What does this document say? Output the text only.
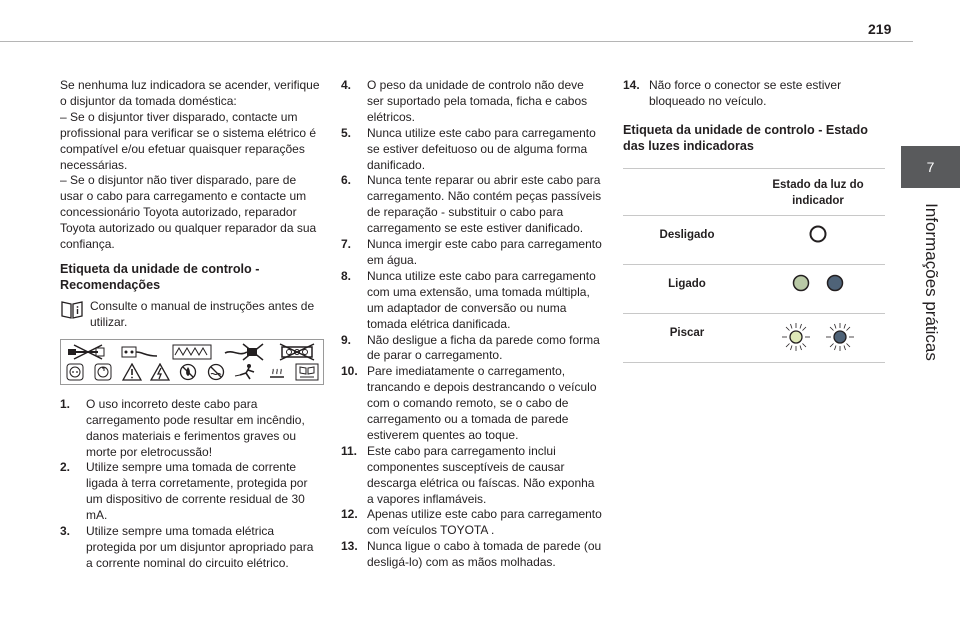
219
7
Informações práticas

Se nenhuma luz indicadora se acender, verifique o disjuntor da tomada doméstica:

– Se o disjuntor tiver disparado, contacte um profissional para verificar se o sistema elétrico é compatível e/ou efetuar quaisquer reparações necessárias.

– Se o disjuntor não tiver disparado, pare de usar o cabo para carregamento e contacte um concessionário Toyota autorizado, reparador Toyota autorizado ou qualquer reparador da sua confiança.

Etiqueta da unidade de controlo - Recomendações

Consulte o manual de instruções antes de utilizar.

1.	O uso incorreto deste cabo para carregamento pode resultar em incêndio, danos materiais e ferimentos graves ou morte por eletrocussão!
2.	Utilize sempre uma tomada de corrente ligada à terra corretamente, protegida por um dispositivo de corrente residual de 30 mA.
3.	Utilize sempre uma tomada elétrica protegida por um disjuntor apropriado para a corrente nominal do circuito elétrico.
4.	O peso da unidade de controlo não deve ser suportado pela tomada, ficha e cabos elétricos.
5.	Nunca utilize este cabo para carregamento se estiver defeituoso ou de alguma forma danificado.
6.	Nunca tente reparar ou abrir este cabo para carregamento. Não contém peças passíveis de reparação - substituir o cabo para carregamento se este estiver danificado.
7.	Nunca imergir este cabo para carregamento em água.
8.	Nunca utilize este cabo para carregamento com uma extensão, uma tomada múltipla, um adaptador de conversão ou numa tomada elétrica danificada.
9.	Não desligue a ficha da parede como forma de parar o carregamento.
10. Pare imediatamente o carregamento, trancando e depois destrancando o veículo com o comando remoto, se o cabo de carregamento ou a tomada de parede estiverem quentes ao toque.
11. Este cabo para carregamento inclui componentes susceptíveis de causar descarga elétrica ou faíscas. Não exponha a vapores inflamáveis.
12. Apenas utilize este cabo para carregamento com veículos TOYOTA .
13. Nunca ligue o cabo à tomada de parede (ou desligá-lo) com as mãos molhadas.
14. Não force o conector se este estiver bloqueado no veículo.

Etiqueta da unidade de controlo - Estado das luzes indicadoras

	Estado da luz do indicador
Desligado	
Ligado	
Piscar	
